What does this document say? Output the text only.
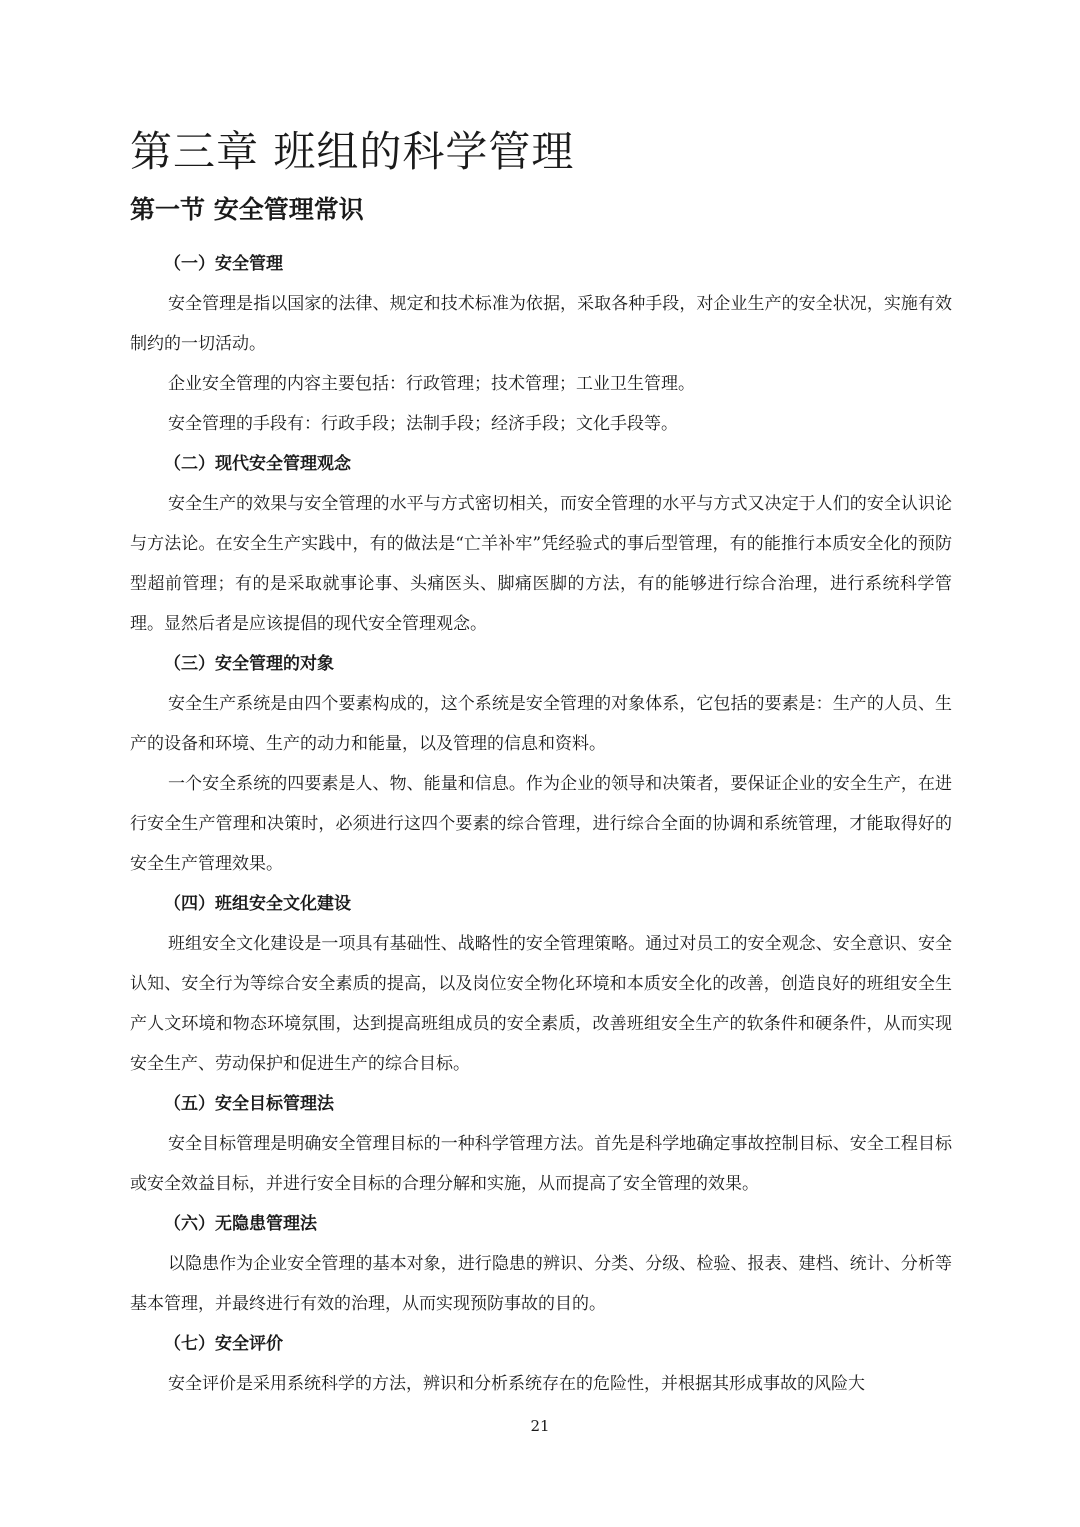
第三章 班组的科学管理
第一节 安全管理常识
（一）安全管理

安全管理是指以国家的法律、规定和技术标准为依据，采取各种手段，对企业生产的安全状况，实施有效制约的一切活动。

企业安全管理的内容主要包括：行政管理；技术管理；工业卫生管理。

安全管理的手段有：行政手段；法制手段；经济手段；文化手段等。

（二）现代安全管理观念

安全生产的效果与安全管理的水平与方式密切相关，而安全管理的水平与方式又决定于人们的安全认识论与方法论。在安全生产实践中，有的做法是“亡羊补牢”凭经验式的事后型管理，有的能推行本质安全化的预防型超前管理；有的是采取就事论事、头痛医头、脚痛医脚的方法，有的能够进行综合治理，进行系统科学管理。显然后者是应该提倡的现代安全管理观念。

（三）安全管理的对象

安全生产系统是由四个要素构成的，这个系统是安全管理的对象体系，它包括的要素是：生产的人员、生产的设备和环境、生产的动力和能量，以及管理的信息和资料。

一个安全系统的四要素是人、物、能量和信息。作为企业的领导和决策者，要保证企业的安全生产，在进行安全生产管理和决策时，必须进行这四个要素的综合管理，进行综合全面的协调和系统管理，才能取得好的安全生产管理效果。

（四）班组安全文化建设

班组安全文化建设是一项具有基础性、战略性的安全管理策略。通过对员工的安全观念、安全意识、安全认知、安全行为等综合安全素质的提高，以及岗位安全物化环境和本质安全化的改善，创造良好的班组安全生产人文环境和物态环境氛围，达到提高班组成员的安全素质，改善班组安全生产的软条件和硬条件，从而实现安全生产、劳动保护和促进生产的综合目标。

（五）安全目标管理法

安全目标管理是明确安全管理目标的一种科学管理方法。首先是科学地确定事故控制目标、安全工程目标或安全效益目标，并进行安全目标的合理分解和实施，从而提高了安全管理的效果。

（六）无隐患管理法

以隐患作为企业安全管理的基本对象，进行隐患的辨识、分类、分级、检验、报表、建档、统计、分析等基本管理，并最终进行有效的治理，从而实现预防事故的目的。

（七）安全评价

安全评价是采用系统科学的方法，辨识和分析系统存在的危险性，并根据其形成事故的风险大

21
